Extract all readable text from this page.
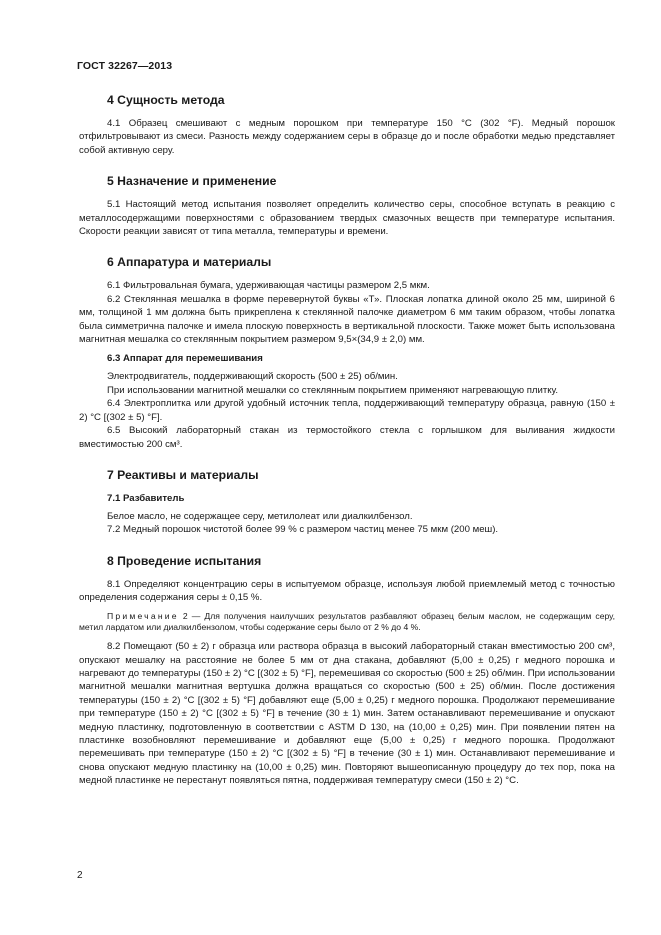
ГОСТ 32267—2013
4 Сущность метода

4.1 Образец смешивают с медным порошком при температуре 150 °С (302 °F). Медный порошок отфильтровывают из смеси. Разность между содержанием серы в образце до и после обработки медью представляет собой активную серу.

5 Назначение и применение

5.1 Настоящий метод испытания позволяет определить количество серы, способное вступать в реакцию с металлосодержащими поверхностями с образованием твердых смазочных веществ при температуре испытания. Скорости реакции зависят от типа металла, температуры и времени.

6 Аппаратура и материалы

6.1 Фильтровальная бумага, удерживающая частицы размером 2,5 мкм.

6.2 Стеклянная мешалка в форме перевернутой буквы «Т». Плоская лопатка длиной около 25 мм, шириной 6 мм, толщиной 1 мм должна быть прикреплена к стеклянной палочке диаметром 6 мм таким образом, чтобы лопатка была симметрична палочке и имела плоскую поверхность в вертикальной плоскости. Также может быть использована магнитная мешалка со стеклянным покрытием размером 9,5×(34,9 ± 2,0) мм.

6.3 Аппарат для перемешивания

Электродвигатель, поддерживающий скорость (500 ± 25) об/мин.

При использовании магнитной мешалки со стеклянным покрытием применяют нагревающую плитку.

6.4 Электроплитка или другой удобный источник тепла, поддерживающий температуру образца, равную (150 ± 2) °С [(302 ± 5) °F].

6.5 Высокий лабораторный стакан из термостойкого стекла с горлышком для выливания жидкости вместимостью 200 см³.

7 Реактивы и материалы
7.1 Разбавитель

Белое масло, не содержащее серу, метилолеат или диалкилбензол.

7.2 Медный порошок чистотой более 99 % с размером частиц менее 75 мкм (200 меш).

8 Проведение испытания

8.1 Определяют концентрацию серы в испытуемом образце, используя любой приемлемый метод с точностью определения содержания серы ± 0,15 %.

Примечание 2 — Для получения наилучших результатов разбавляют образец белым маслом, не содержащим серу, метил лардатом или диалкилбензолом, чтобы содержание серы было от 2 % до 4 %.

8.2 Помещают (50 ± 2) г образца или раствора образца в высокий лабораторный стакан вместимостью 200 см³, опускают мешалку на расстояние не более 5 мм от дна стакана, добавляют (5,00 ± 0,25) г медного порошка и нагревают до температуры (150 ± 2) °С [(302 ± 5) °F], перемешивая со скоростью (500 ± 25) об/мин. При использовании магнитной мешалки магнитная вертушка должна вращаться со скоростью (500 ± 25) об/мин. После достижения температуры (150 ± 2) °С [(302 ± 5) °F] добавляют еще (5,00 ± 0,25) г медного порошка. Продолжают перемешивание при температуре (150 ± 2) °С [(302 ± 5) °F] в течение (30 ± 1) мин. Затем останавливают перемешивание и опускают медную пластинку, подготовленную в соответствии с ASTM D 130, на (10,00 ± 0,25) мин. При появлении пятен на пластинке возобновляют перемешивание и добавляют еще (5,00 ± 0,25) г медного порошка. Продолжают перемешивать при температуре (150 ± 2) °С [(302 ± 5) °F] в течение (30 ± 1) мин. Останавливают перемешивание и снова опускают медную пластинку на (10,00 ± 0,25) мин. Повторяют вышеописанную процедуру до тех пор, пока на медной пластинке не перестанут появляться пятна, поддерживая температуру смеси (150 ± 2) °С.

2
